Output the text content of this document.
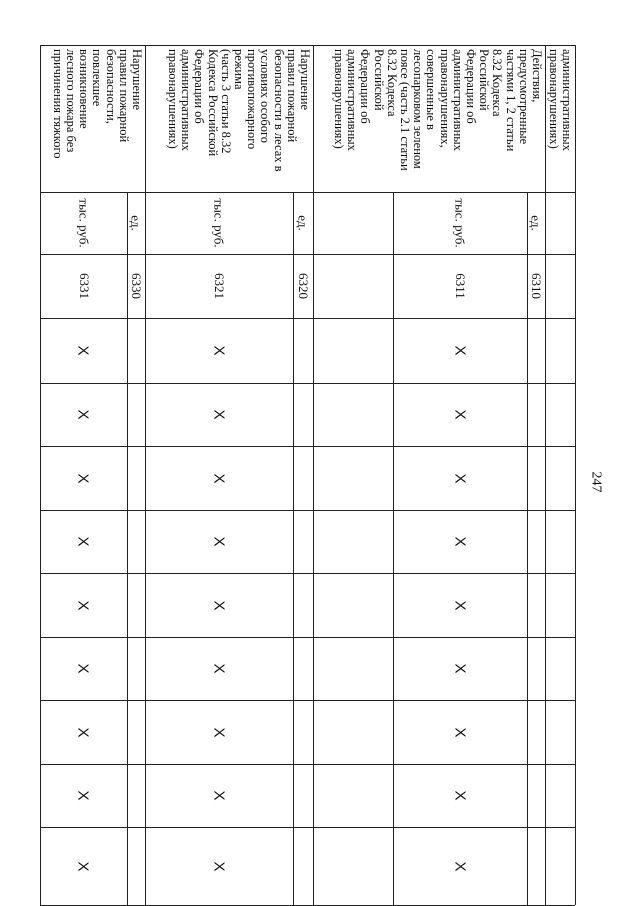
247
административных
правонарушениях)
Действия,
предусмотренные
частями 1, 2 статьи
8.32 Кодекса
Российской
Федерации об
административных
правонарушениях,
совершенные в
лесопарковом зеленом
поясе (часть 2.1 статьи
8.32 Кодекса
Российской
Федерации об
административных
правонарушениях)
Нарушение
правил пожарной
безопасности в лесах в
условиях особого
противопожарного
режима
(часть 3 статьи 8.32
Кодекса Российской
Федерации об
административных
правонарушениях)
Нарушение
правил пожарной
безопасности,
повлекшее
возникновение
лесного пожара без
причинения тяжкого
ед.
6310
тыс. руб.
6311
X
X
X
X
X
X
X
X
X
ед.
6320
тыс. руб.
6321
X
X
X
X
X
X
X
X
X
ед.
6330
тыс. руб.
6331
X
X
X
X
X
X
X
X
X
